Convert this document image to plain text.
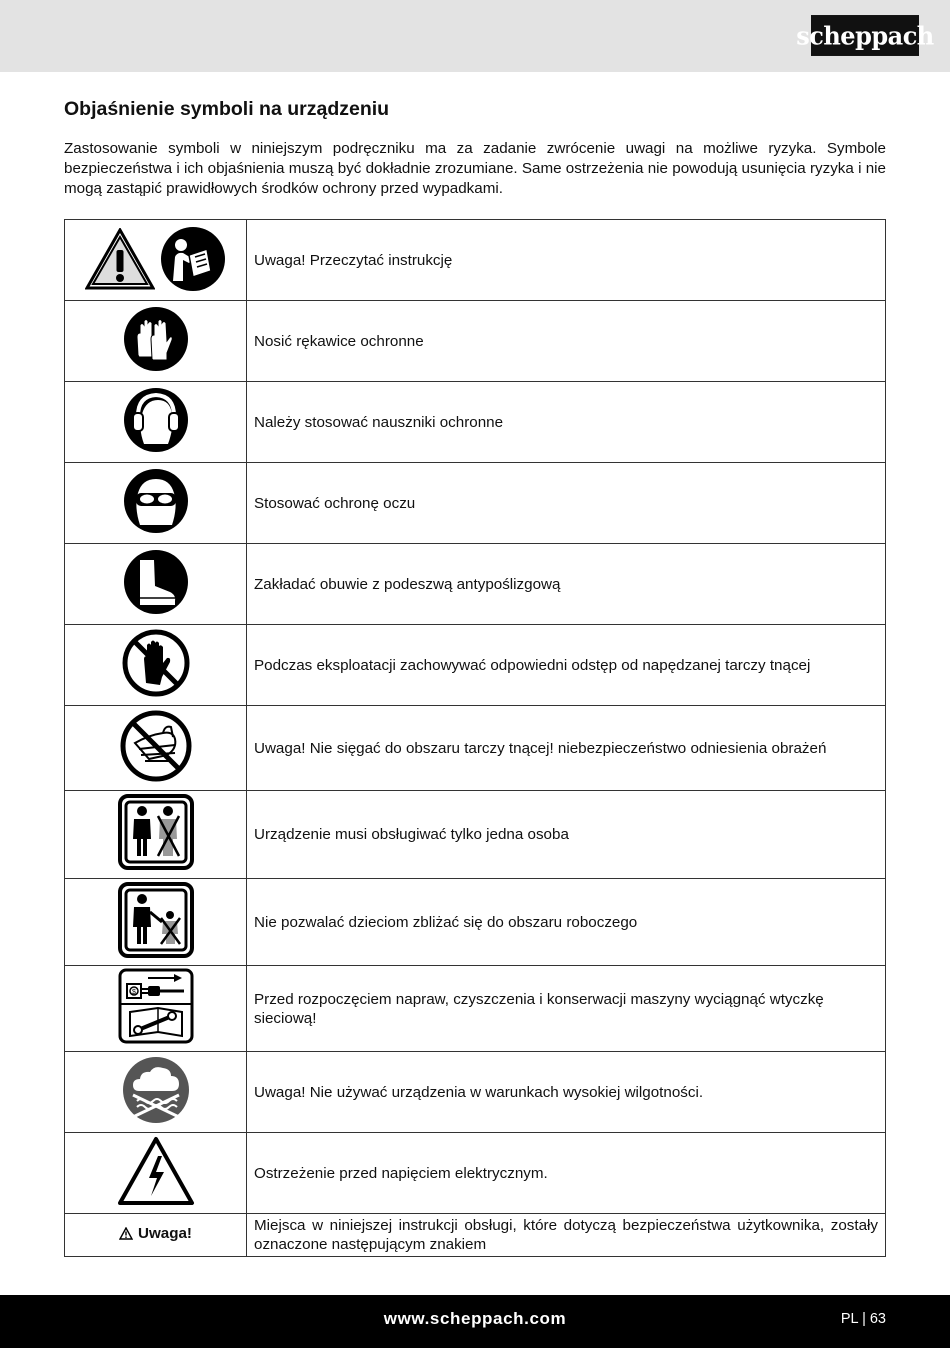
scheppach
Objaśnienie symboli na urządzeniu

Zastosowanie symboli w niniejszym podręczniku ma za zadanie zwrócenie uwagi na możliwe ryzyka. Symbole bezpieczeństwa i ich objaśnienia muszą być dokładnie zrozumiane. Same ostrzeżenia nie powodują usunięcia ryzyka i nie mogą zastąpić prawidłowych środków ochrony przed wypadkami.

	Uwaga! Przeczytać instrukcję
	Nosić rękawice ochronne
	Należy stosować nauszniki ochronne
	Stosować ochronę oczu
	Zakładać obuwie z podeszwą antypoślizgową
	Podczas eksploatacji zachowywać odpowiedni odstęp od napędzanej tarczy tnącej
	Uwaga! Nie sięgać do obszaru tarczy tnącej! niebezpieczeństwo odniesienia obrażeń
	Urządzenie musi obsługiwać tylko jedna osoba
	Nie pozwalać dzieciom zbliżać się do obszaru roboczego

$	Przed rozpoczęciem napraw, czyszczenia i konserwacji maszyny wyciągnąć wtyczkę sieciową!
	Uwaga! Nie używać urządzenia w warunkach wysokiej wilgotności.
	Ostrzeżenie przed napięciem elektrycznym.

Uwaga!	Miejsca w niniejszej instrukcji obsługi, które dotyczą bezpieczeństwa użytkownika, zostały oznaczone następującym znakiem
www.scheppach.com	PL | 63
